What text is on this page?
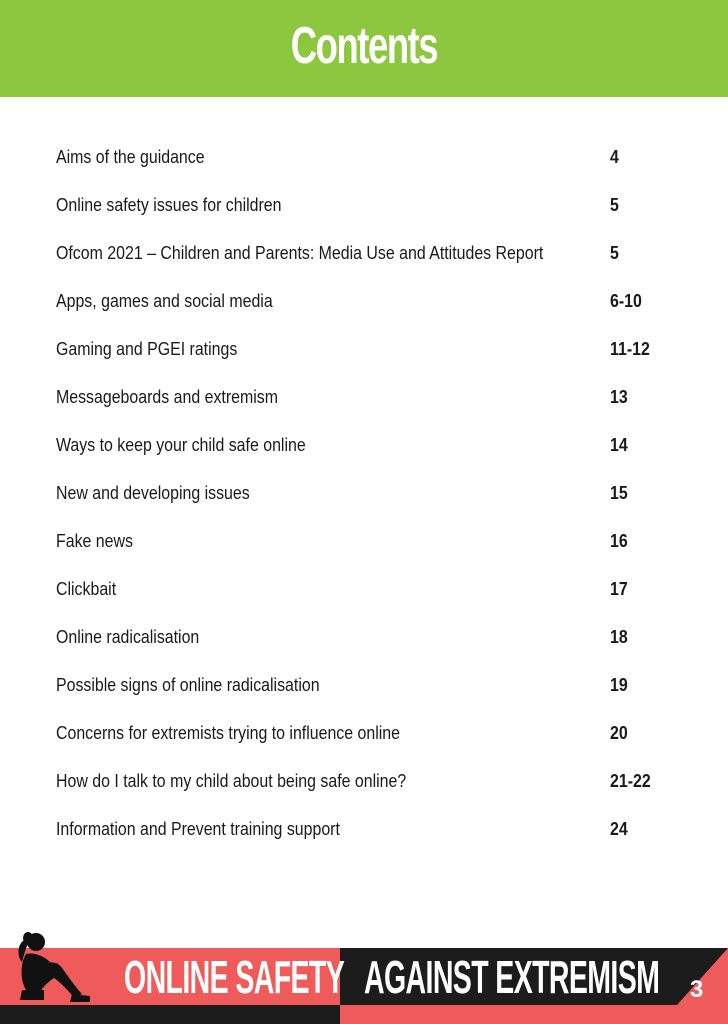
Contents
Aims of the guidance	4
Online safety issues for children	5
Ofcom 2021 – Children and Parents: Media Use and Attitudes Report	5
Apps, games and social media	6-10
Gaming and PGEI ratings	11-12
Messageboards and extremism	13
Ways to keep your child safe online	14
New and developing issues	15
Fake news	16
Clickbait	17
Online radicalisation	18
Possible signs of online radicalisation	19
Concerns for extremists trying to influence online	20
How do I talk to my child about being safe online?	21-22
Information and Prevent training support	24
ONLINE SAFETY AGAINST EXTREMISM 3
